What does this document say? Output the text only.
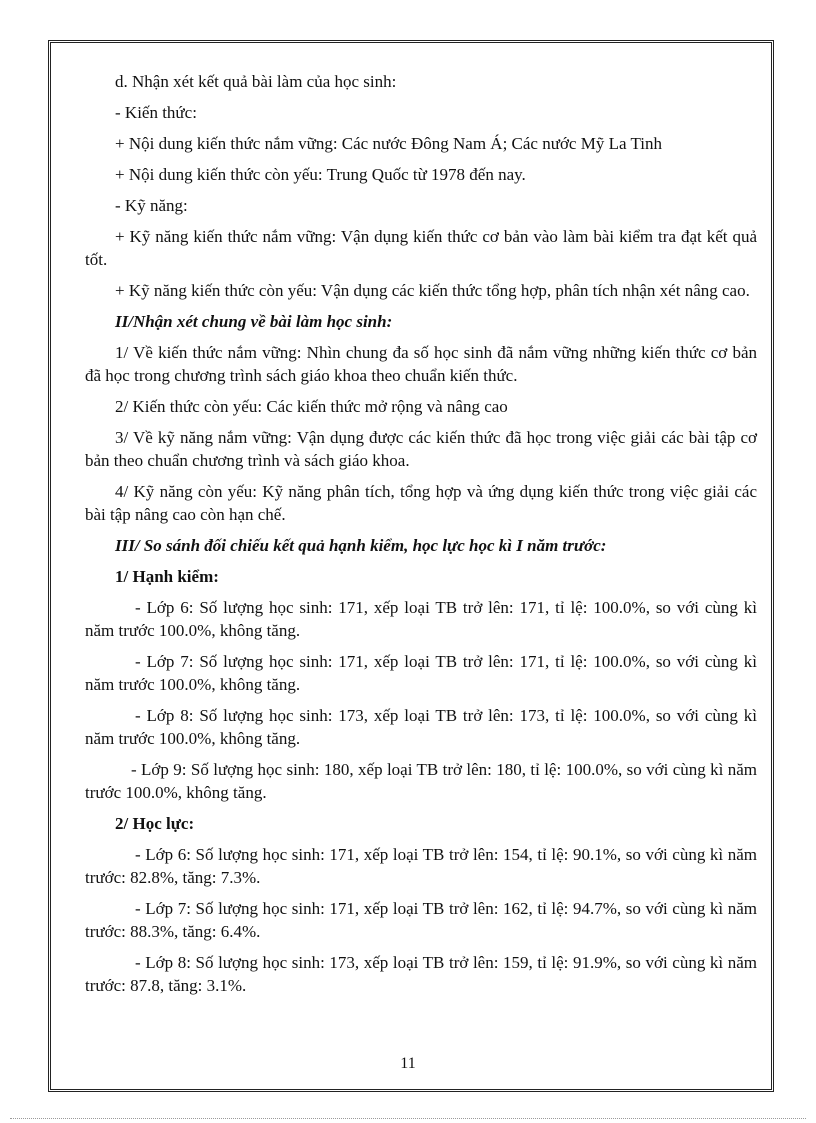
d. Nhận xét kết quả bài làm của học sinh:

- Kiến thức:

+ Nội dung kiến thức nắm vững: Các nước Đông Nam Á; Các nước Mỹ La Tinh

+ Nội dung kiến thức còn yếu: Trung Quốc từ 1978 đến nay.

- Kỹ năng:

+ Kỹ năng kiến thức nắm vững: Vận dụng kiến thức cơ bản vào làm bài kiểm tra đạt kết quả tốt.

+ Kỹ năng kiến thức còn yếu: Vận dụng các kiến thức tổng hợp, phân tích nhận xét nâng cao.

II/Nhận xét chung về bài làm học sinh:

1/ Về kiến thức nắm vững: Nhìn chung đa số học sinh đã nắm vững những kiến thức cơ bản đã học trong chương trình sách giáo khoa theo chuẩn kiến thức.

2/ Kiến thức còn yếu: Các kiến thức mở rộng và nâng cao

3/ Về kỹ năng nắm vững: Vận dụng được các kiến thức đã học trong việc giải các bài tập cơ bản theo chuẩn chương trình và sách giáo khoa.

4/ Kỹ năng còn yếu: Kỹ năng phân tích, tổng hợp và ứng dụng kiến thức trong việc giải các bài tập nâng cao còn hạn chế.

III/ So sánh đối chiếu kết quả hạnh kiểm, học lực học kì I năm trước:

1/ Hạnh kiểm:

- Lớp 6: Số lượng học sinh: 171, xếp loại TB trở lên: 171, tỉ lệ: 100.0%, so với cùng kì năm trước 100.0%, không tăng.

- Lớp 7: Số lượng học sinh: 171, xếp loại TB trở lên: 171, tỉ lệ: 100.0%, so với cùng kì năm trước 100.0%, không tăng.

- Lớp 8: Số lượng học sinh: 173, xếp loại TB trở lên: 173, tỉ lệ: 100.0%, so với cùng kì năm trước 100.0%, không tăng.

- Lớp 9: Số lượng học sinh: 180, xếp loại TB trở lên: 180, tỉ lệ: 100.0%, so với cùng kì năm trước 100.0%, không tăng.

2/ Học lực:

- Lớp 6: Số lượng học sinh: 171, xếp loại TB trở lên: 154, tỉ lệ: 90.1%, so với cùng kì năm trước: 82.8%, tăng: 7.3%.

- Lớp 7: Số lượng học sinh: 171, xếp loại TB trở lên: 162, tỉ lệ: 94.7%, so với cùng kì năm trước: 88.3%, tăng: 6.4%.

- Lớp 8: Số lượng học sinh: 173, xếp loại TB trở lên: 159, tỉ lệ: 91.9%, so với cùng kì năm trước: 87.8, tăng: 3.1%.

11
